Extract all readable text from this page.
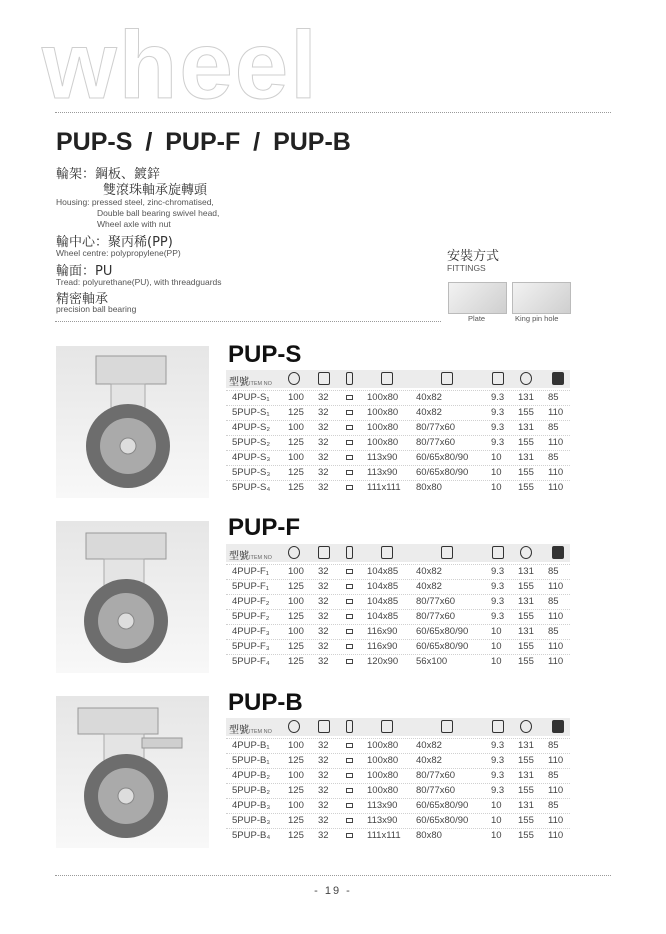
wheel
PUP-S / PUP-F / PUP-B
輪架：鋼板、鍍鋅
雙滾珠軸承旋轉頭
Housing: pressed steel, zinc-chromatised,
Double ball bearing swivel head,
Wheel axle with nut
輪中心：聚丙稀(PP)
Wheel centre: polypropylene(PP)
輪面：PU
Tread: polyurethane(PU), with threadguards
精密軸承
precision ball bearing
安裝方式
FITTINGS
Plate	King pin hole
PUP-S
PUP-F
PUP-B
型號ITEM NO
型號ITEM NO
型號ITEM NO
4PUP-S₁ 100 32	100x80 40x82	9.3 131 85
5PUP-S₁ 125 32	100x80 40x82	9.3 155 110
4PUP-S₂ 100 32	100x80 80/77x60	9.3 131 85
5PUP-S₂ 125 32	100x80 80/77x60	9.3 155 110
4PUP-S₃ 100 32	113x90 60/65x80/90 10 131 85
5PUP-S₃ 125 32	113x90 60/65x80/90 10 155 110
5PUP-S₄ 125 32	111x111 80x80	10 155 110
4PUP-F₁ 100 32	104x85 40x82	9.3 131 85
5PUP-F₁ 125 32	104x85 40x82	9.3 155 110
4PUP-F₂ 100 32	104x85 80/77x60	9.3 131 85
5PUP-F₂ 125 32	104x85 80/77x60	9.3 155 110
4PUP-F₃ 100 32	116x90 60/65x80/90 10 131 85
5PUP-F₃ 125 32	116x90 60/65x80/90 10 155 110
5PUP-F₄ 125 32	120x90 56x100	10 155 110
4PUP-B₁ 100 32	100x80 40x82	9.3 131 85
5PUP-B₁ 125 32	100x80 40x82	9.3 155 110
4PUP-B₂ 100 32	100x80 80/77x60	9.3 131 85
5PUP-B₂ 125 32	100x80 80/77x60	9.3 155 110
4PUP-B₃ 100 32	113x90 60/65x80/90 10 131 85
5PUP-B₃ 125 32	113x90 60/65x80/90 10 155 110
5PUP-B₄ 125 32	111x111 80x80	10 155 110
- 19 -
